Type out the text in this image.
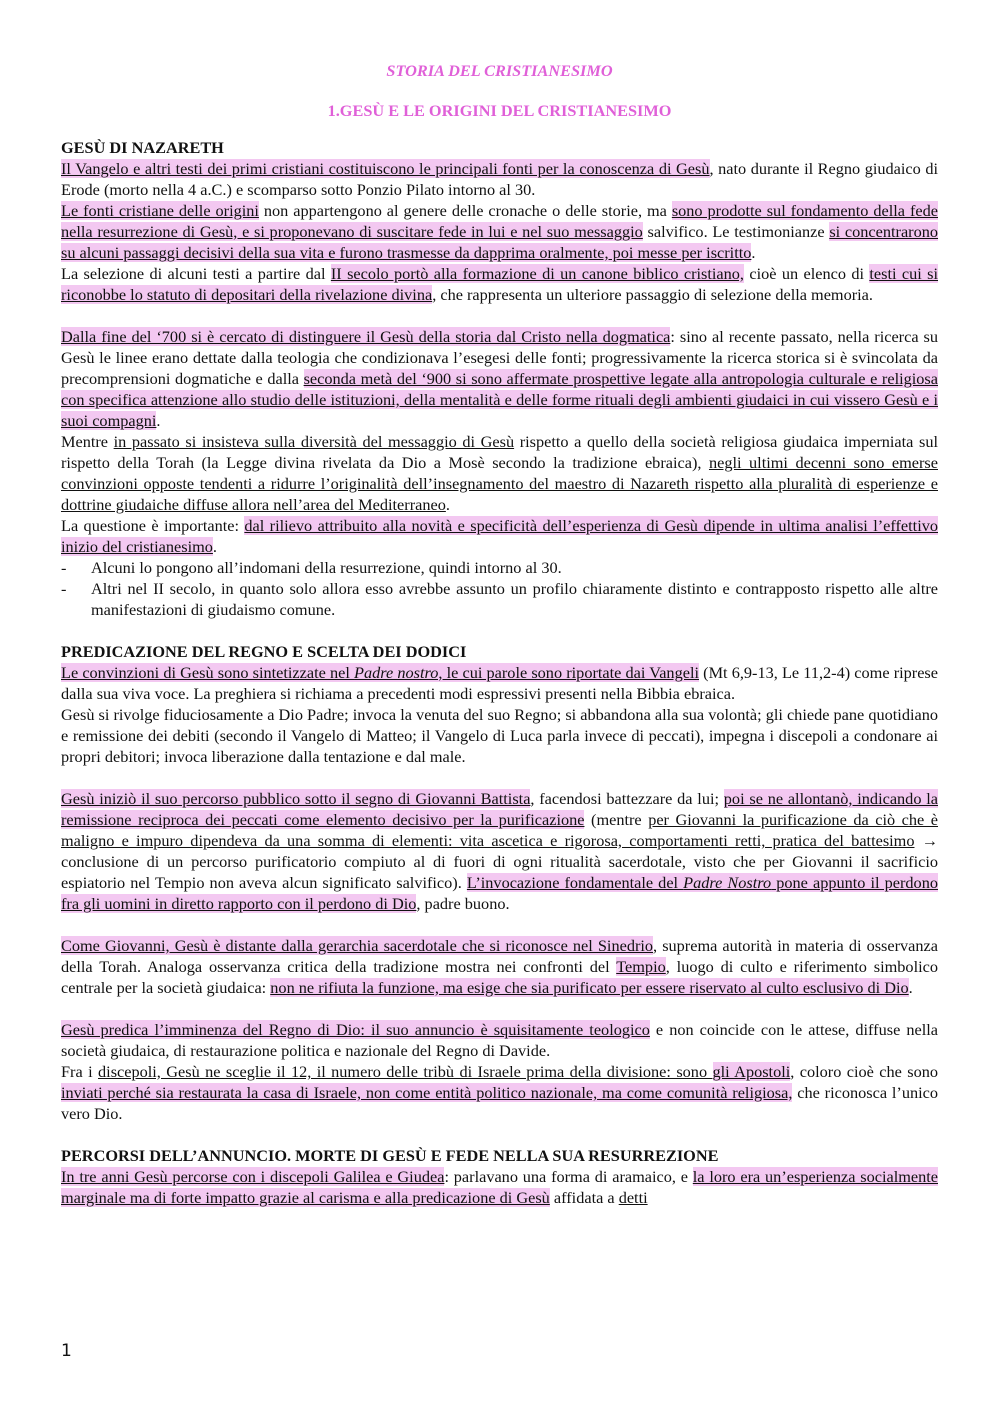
STORIA DEL CRISTIANESIMO
1.GESÙ E LE ORIGINI DEL CRISTIANESIMO
GESÙ DI NAZARETH

Il Vangelo e altri testi dei primi cristiani costituiscono le principali fonti per la conoscenza di Gesù, nato durante il Regno giudaico di Erode (morto nella 4 a.C.) e scomparso sotto Ponzio Pilato intorno al 30.

Le fonti cristiane delle origini non appartengono al genere delle cronache o delle storie, ma sono prodotte sul fondamento della fede nella resurrezione di Gesù, e si proponevano di suscitare fede in lui e nel suo messaggio salvifico. Le testimonianze si concentrarono su alcuni passaggi decisivi della sua vita e furono trasmesse da dapprima oralmente, poi messe per iscritto.

La selezione di alcuni testi a partire dal II secolo portò alla formazione di un canone biblico cristiano, cioè un elenco di testi cui si riconobbe lo statuto di depositari della rivelazione divina, che rappresenta un ulteriore passaggio di selezione della memoria.

Dalla fine del ‘700 si è cercato di distinguere il Gesù della storia dal Cristo nella dogmatica: sino al recente passato, nella ricerca su Gesù le linee erano dettate dalla teologia che condizionava l’esegesi delle fonti; progressivamente la ricerca storica si è svincolata da precomprensioni dogmatiche e dalla seconda metà del ‘900 si sono affermate prospettive legate alla antropologia culturale e religiosa con specifica attenzione allo studio delle istituzioni, della mentalità e delle forme rituali degli ambienti giudaici in cui vissero Gesù e i suoi compagni.

Mentre in passato si insisteva sulla diversità del messaggio di Gesù rispetto a quello della società religiosa giudaica imperniata sul rispetto della Torah (la Legge divina rivelata da Dio a Mosè secondo la tradizione ebraica), negli ultimi decenni sono emerse convinzioni opposte tendenti a ridurre l’originalità dell’insegnamento del maestro di Nazareth rispetto alla pluralità di esperienze e dottrine giudaiche diffuse allora nell’area del Mediterraneo.

La questione è importante: dal rilievo attribuito alla novità e specificità dell’esperienza di Gesù dipende in ultima analisi l’effettivo inizio del cristianesimo.

- Alcuni lo pongono all’indomani della resurrezione, quindi intorno al 30.
- Altri nel II secolo, in quanto solo allora esso avrebbe assunto un profilo chiaramente distinto e contrapposto rispetto alle altre manifestazioni di giudaismo comune.
PREDICAZIONE DEL REGNO E SCELTA DEI DODICI

Le convinzioni di Gesù sono sintetizzate nel Padre nostro, le cui parole sono riportate dai Vangeli (Mt 6,9-13, Le 11,2-4) come riprese dalla sua viva voce. La preghiera si richiama a precedenti modi espressivi presenti nella Bibbia ebraica.

Gesù si rivolge fiduciosamente a Dio Padre; invoca la venuta del suo Regno; si abbandona alla sua volontà; gli chiede pane quotidiano e remissione dei debiti (secondo il Vangelo di Matteo; il Vangelo di Luca parla invece di peccati), impegna i discepoli a condonare ai propri debitori; invoca liberazione dalla tentazione e dal male.

Gesù iniziò il suo percorso pubblico sotto il segno di Giovanni Battista, facendosi battezzare da lui; poi se ne allontanò, indicando la remissione reciproca dei peccati come elemento decisivo per la purificazione (mentre per Giovanni la purificazione da ciò che è maligno e impuro dipendeva da una somma di elementi: vita ascetica e rigorosa, comportamenti retti, pratica del battesimo → conclusione di un percorso purificatorio compiuto al di fuori di ogni ritualità sacerdotale, visto che per Giovanni il sacrificio espiatorio nel Tempio non aveva alcun significato salvifico). L’invocazione fondamentale del Padre Nostro pone appunto il perdono fra gli uomini in diretto rapporto con il perdono di Dio, padre buono.

Come Giovanni, Gesù è distante dalla gerarchia sacerdotale che si riconosce nel Sinedrio, suprema autorità in materia di osservanza della Torah. Analoga osservanza critica della tradizione mostra nei confronti del Tempio, luogo di culto e riferimento simbolico centrale per la società giudaica: non ne rifiuta la funzione, ma esige che sia purificato per essere riservato al culto esclusivo di Dio.

Gesù predica l’imminenza del Regno di Dio: il suo annuncio è squisitamente teologico e non coincide con le attese, diffuse nella società giudaica, di restaurazione politica e nazionale del Regno di Davide.

Fra i discepoli, Gesù ne sceglie il 12, il numero delle tribù di Israele prima della divisione: sono gli Apostoli, coloro cioè che sono inviati perché sia restaurata la casa di Israele, non come entità politico nazionale, ma come comunità religiosa, che riconosca l’unico vero Dio.

PERCORSI DELL’ANNUNCIO. MORTE DI GESÙ E FEDE NELLA SUA RESURREZIONE

In tre anni Gesù percorse con i discepoli Galilea e Giudea: parlavano una forma di aramaico, e la loro era un’esperienza socialmente marginale ma di forte impatto grazie al carisma e alla predicazione di Gesù affidata a detti

1
